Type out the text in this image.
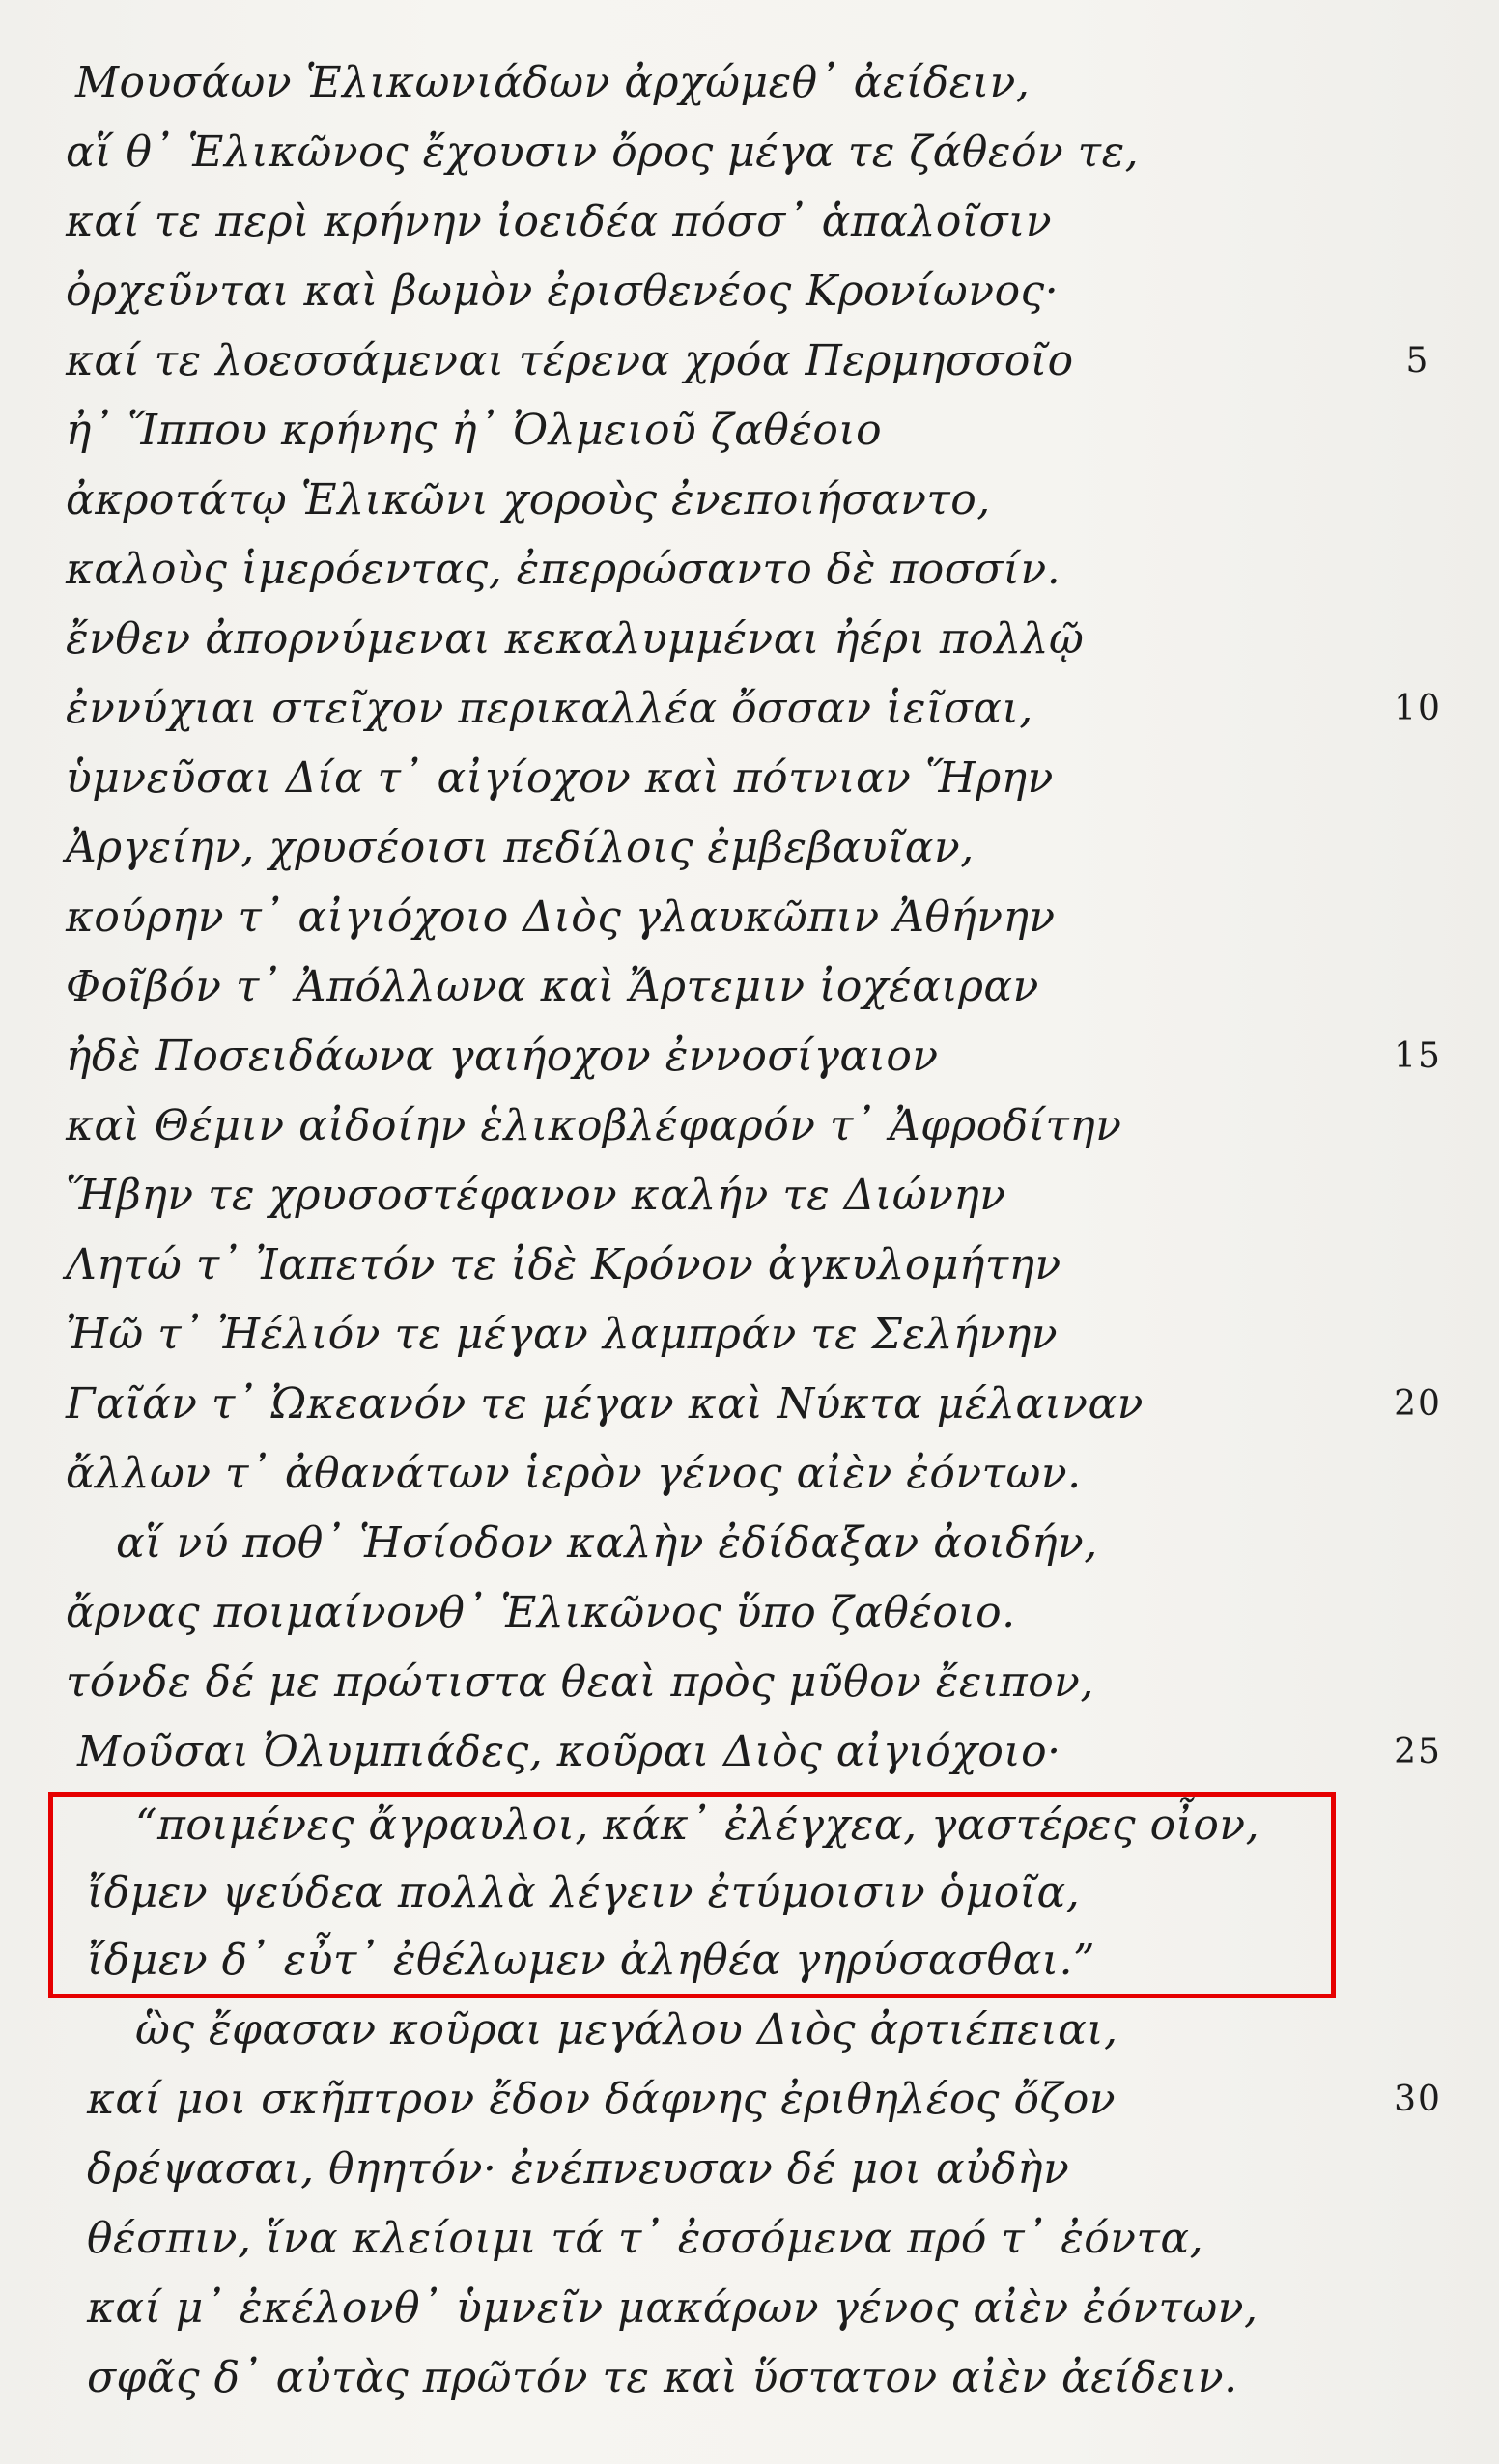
Μουσάων Ἑλικωνιάδων ἀρχώμεθ᾽ ἀείδειν,
αἵ θ᾽ Ἑλικῶνος ἔχουσιν ὄρος μέγα τε ζάθεόν τε,
καί τε περὶ κρήνην ἰοειδέα πόσσ᾽ ἁπαλοῖσιν
ὀρχεῦνται καὶ βωμὸν ἐρισθενέος Κρονίωνος·
καί τε λοεσσάμεναι τέρενα χρόα Περμησσοῖο	5
ἠ᾽ Ἵππου κρήνης ἠ᾽ Ὀλμειοῦ ζαθέοιο
ἀκροτάτῳ Ἑλικῶνι χοροὺς ἐνεποιήσαντο,
καλοὺς ἱμερόεντας, ἐπερρώσαντο δὲ ποσσίν.
ἔνθεν ἀπορνύμεναι κεκαλυμμέναι ἠέρι πολλῷ
ἐννύχιαι στεῖχον περικαλλέα ὄσσαν ἱεῖσαι,	10
ὑμνεῦσαι Δία τ᾽ αἰγίοχον καὶ πότνιαν Ἥρην
Ἀργείην, χρυσέοισι πεδίλοις ἐμβεβαυῖαν,
κούρην τ᾽ αἰγιόχοιο Διὸς γλαυκῶπιν Ἀθήνην
Φοῖβόν τ᾽ Ἀπόλλωνα καὶ Ἄρτεμιν ἰοχέαιραν
ἠδὲ Ποσειδάωνα γαιήοχον ἐννοσίγαιον	15
καὶ Θέμιν αἰδοίην ἑλικοβλέφαρόν τ᾽ Ἀφροδίτην
Ἥβην τε χρυσοστέφανον καλήν τε Διώνην
Λητώ τ᾽ Ἰαπετόν τε ἰδὲ Κρόνον ἀγκυλομήτην
Ἠῶ τ᾽ Ἠέλιόν τε μέγαν λαμπράν τε Σελήνην
Γαῖάν τ᾽ Ὠκεανόν τε μέγαν καὶ Νύκτα μέλαιναν	20
ἄλλων τ᾽ ἀθανάτων ἱερὸν γένος αἰὲν ἐόντων.
αἵ νύ ποθ᾽ Ἡσίοδον καλὴν ἐδίδαξαν ἀοιδήν,
ἄρνας ποιμαίνονθ᾽ Ἑλικῶνος ὕπο ζαθέοιο.
τόνδε δέ με πρώτιστα θεαὶ πρὸς μῦθον ἔειπον,
Μοῦσαι Ὀλυμπιάδες, κοῦραι Διὸς αἰγιόχοιο·	25
“ποιμένες ἄγραυλοι, κάκ᾽ ἐλέγχεα, γαστέρες οἶον,
ἴδμεν ψεύδεα πολλὰ λέγειν ἐτύμοισιν ὁμοῖα,
ἴδμεν δ᾽ εὖτ᾽ ἐθέλωμεν ἀληθέα γηρύσασθαι.”
ὣς ἔφασαν κοῦραι μεγάλου Διὸς ἀρτιέπειαι,
καί μοι σκῆπτρον ἔδον δάφνης ἐριθηλέος ὄζον	30
δρέψασαι, θηητόν· ἐνέπνευσαν δέ μοι αὐδὴν
θέσπιν, ἵνα κλείοιμι τά τ᾽ ἐσσόμενα πρό τ᾽ ἐόντα,
καί μ᾽ ἐκέλονθ᾽ ὑμνεῖν μακάρων γένος αἰὲν ἐόντων,
σφᾶς δ᾽ αὐτὰς πρῶτόν τε καὶ ὕστατον αἰὲν ἀείδειν.
